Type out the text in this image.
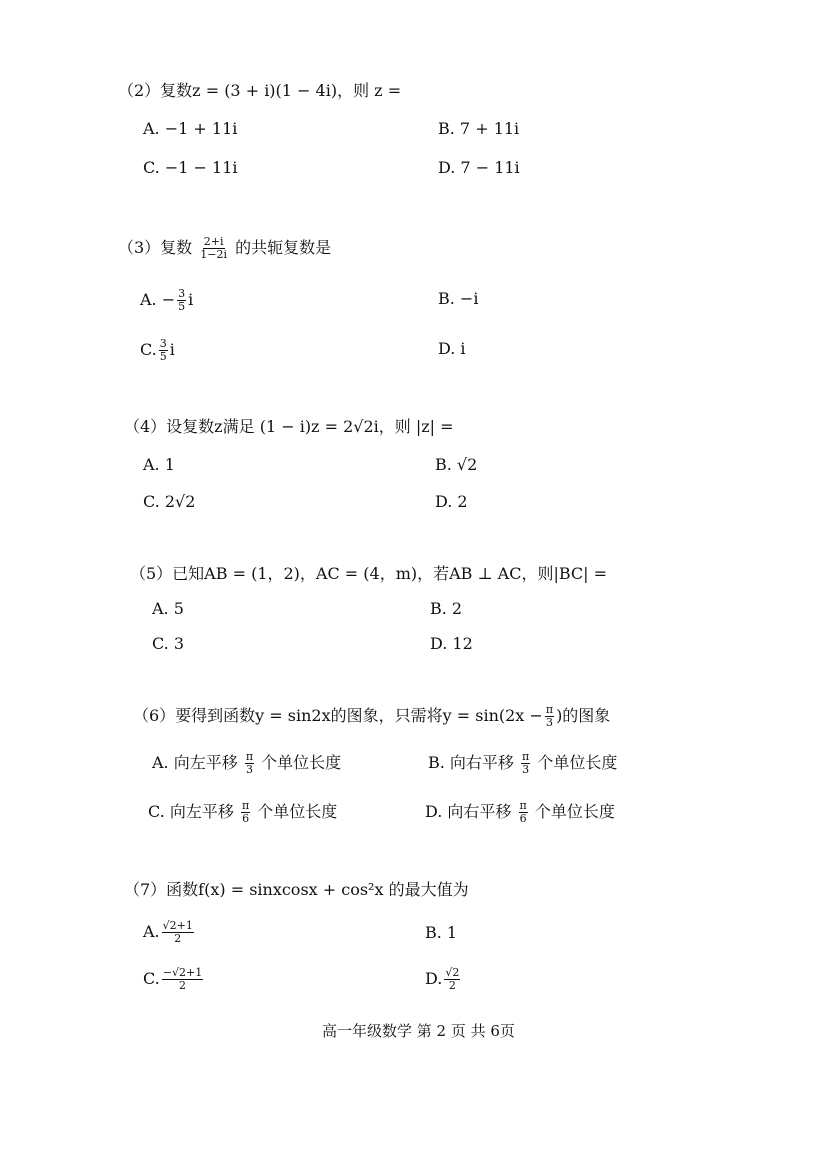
（2）复数z = (3 + i)(1 − 4i)，则 z =
A. −1 + 11i	B. 7 + 11i
C. −1 − 11i	D. 7 − 11i
（3）复数 $\frac{2+i}{1-2i}$ 的共轭复数是
A. − $\frac{3}{5}$ i	B. −i
C. $\frac{3}{5}$ i	D. i
（4）设复数z满足 (1 − i)z = 2√2i，则 |z| =
A. 1	B. √2
C. 2√2	D. 2
（5）已知AB = (1，2)，AC = (4，m)，若AB ⊥ AC，则|BC| =
A. 5	B. 2
C. 3	D. 12
（6）要得到函数y = sin2x的图象，只需将$y = \sin(2x - \frac{\pi}{3}$ )的图象
A. 向左平移 $\frac{\pi}{3}$ 个单位长度	B. 向右平移 $\frac{\pi}{3}$ 个单位长度
C. 向左平移 $\frac{\pi}{6}$ 个单位长度	D. 向右平移 $\frac{\pi}{6}$ 个单位长度
（7）函数f(x) = sinxcosx + cos²x 的最大值为
A. $\frac{√2+1}{2}$	B. 1
C. $\frac{-√2+1}{2}$	D. $\frac{√2}{2}$
高一年级数学 第 2 页 共 6页
